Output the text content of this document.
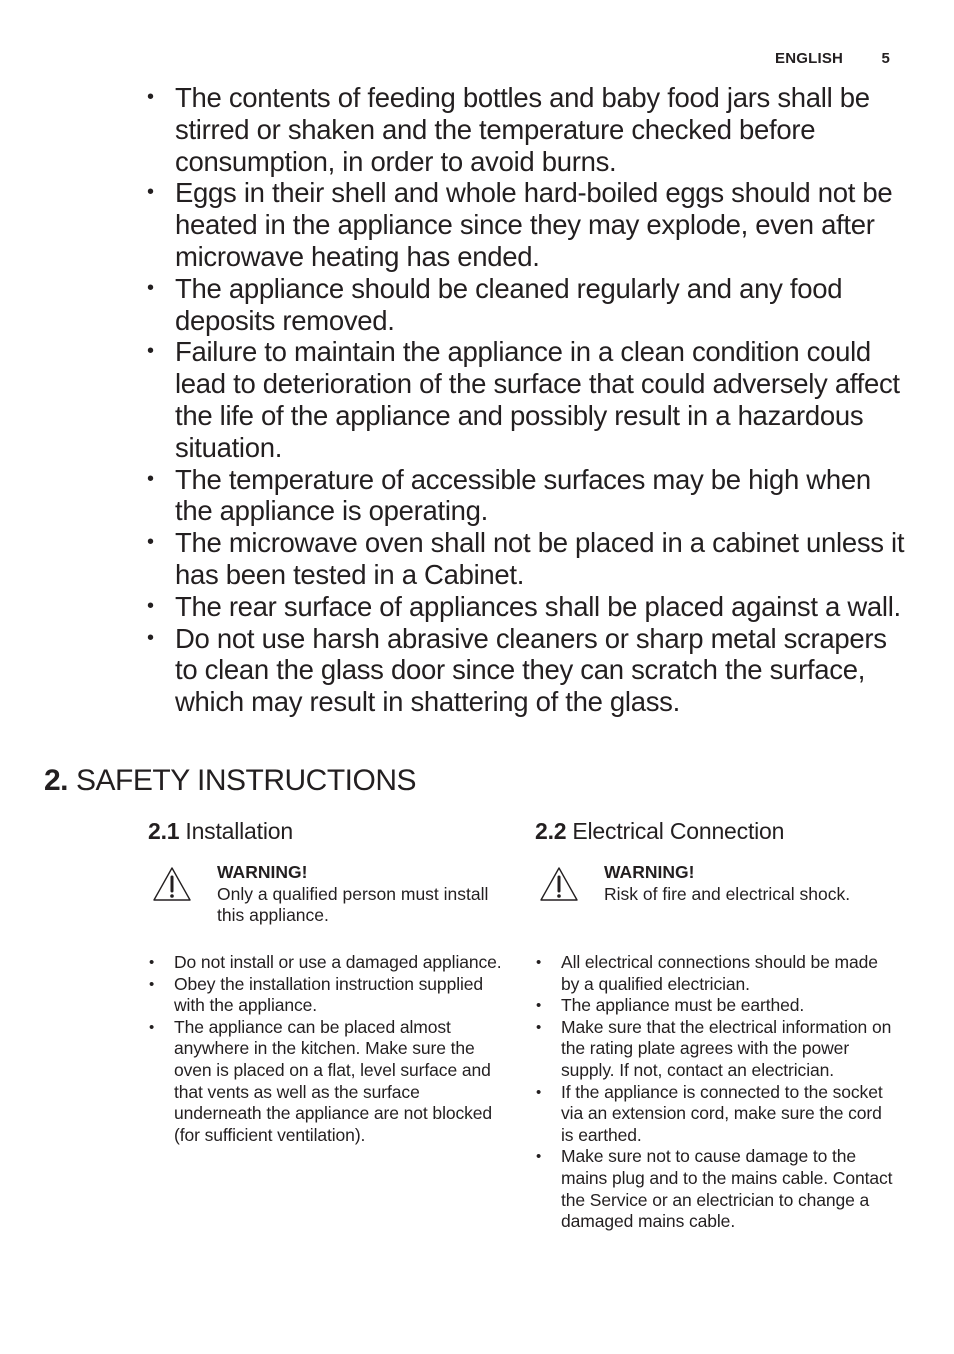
ENGLISH	5
• The contents of feeding bottles and baby food jars shall be stirred or shaken and the temperature checked before consumption, in order to avoid burns.
• Eggs in their shell and whole hard-boiled eggs should not be heated in the appliance since they may explode, even after microwave heating has ended.
• The appliance should be cleaned regularly and any food deposits removed.
• Failure to maintain the appliance in a clean condition could lead to deterioration of the surface that could adversely affect the life of the appliance and possibly result in a hazardous situation.
• The temperature of accessible surfaces may be high when the appliance is operating.
• The microwave oven shall not be placed in a cabinet unless it has been tested in a Cabinet.
• The rear surface of appliances shall be placed against a wall.
• Do not use harsh abrasive cleaners or sharp metal scrapers to clean the glass door since they can scratch the surface, which may result in shattering of the glass.
2. SAFETY INSTRUCTIONS
2.1 Installation
WARNING!
Only a qualified person must install this appliance.
• Do not install or use a damaged appliance.
• Obey the installation instruction supplied with the appliance.
• The appliance can be placed almost anywhere in the kitchen. Make sure the oven is placed on a flat, level surface and that vents as well as the surface underneath the appliance are not blocked (for sufficient ventilation).
2.2 Electrical Connection
WARNING!
Risk of fire and electrical shock.
• All electrical connections should be made by a qualified electrician.
• The appliance must be earthed.
• Make sure that the electrical information on the rating plate agrees with the power supply. If not, contact an electrician.
• If the appliance is connected to the socket via an extension cord, make sure the cord is earthed.
• Make sure not to cause damage to the mains plug and to the mains cable. Contact the Service or an electrician to change a damaged mains cable.
